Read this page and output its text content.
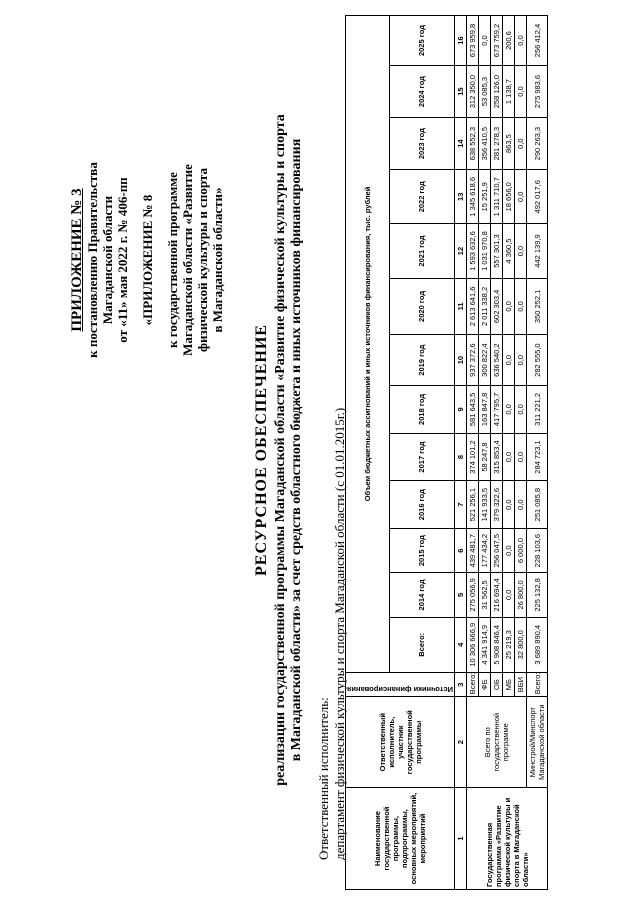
ПРИЛОЖЕНИЕ № 3 к постановлению Правительства Магаданской области от «11» мая 2022 г. № 406-пп «ПРИЛОЖЕНИЕ № 8 к государственной программе Магаданской области «Развитие физической культуры и спорта в Магаданской области»
РЕСУРСНОЕ ОБЕСПЕЧЕНИЕ реализации государственной программы Магаданской области «Развитие физической культуры и спорта в Магаданской области» за счет средств областного бюджета и иных источников финансирования
Ответственный исполнитель: департамент физической культуры и спорта Магаданской области (с 01.01.2015г.)	Наименование государственной программы, подпрограммы, основных мероприятий, мероприятий	Ответственный исполнитель, участник государственной программы	Источники финансирования	Объем бюджетных ассигнований и иных источников финансирования, тыс. рублей												
			Всего:	2014 год	2015 год	2016 год	2017 год	2018 год	2019 год	2020 год	2021 год	2022 год	2023 год	2024 год	2025 год
1	2	3	4	5	6	7	8	9	10	11	12	13	14	15	16
Государственная программа «Развитие физической культуры и спорта в Магаданской области»	Всего по государственной программе	Всего:	10 306 666,9	275 056,9	439 481,7	521 256,1	374 101,2	581 643,5	937 372,6	2 613 641,6	1 593 632,6	1 345 618,6	638 552,3	312 350,0	673 959,8
		ФБ	4 341 914,9	31 562,5	177 434,2	141 933,5	58 247,8	163 847,8	300 822,4	2 011 338,2	1 031 970,8	15 251,9	356 410,5	53 085,3	0,0
		ОБ	5 908 846,4	216 694,4	256 047,5	379 322,6	315 853,4	417 795,7	636 540,2	602 303,4	557 301,3	1 311 710,7	281 278,3	258 126,0	673 759,2
		МБ	25 219,3	0,0	0,0	0,0	0,0	0,0	0,0	0,0	4 360,5	18 656,0	863,5	1 138,7	200,6
		ВБИ	32 800,0	26 800,0	6 000,0	0,0	0,0	0,0	0,0	0,0	0,0	0,0	0,0	0,0	0,0
	Минстрой/Минспорт Магаданской области	Всего:	3 689 890,4	225 132,8	228 103,6	251 085,8	284 723,1	311 221,2	282 555,0	350 252,1	442 139,9	492 017,6	290 263,3	275 983,6	256 412,4
